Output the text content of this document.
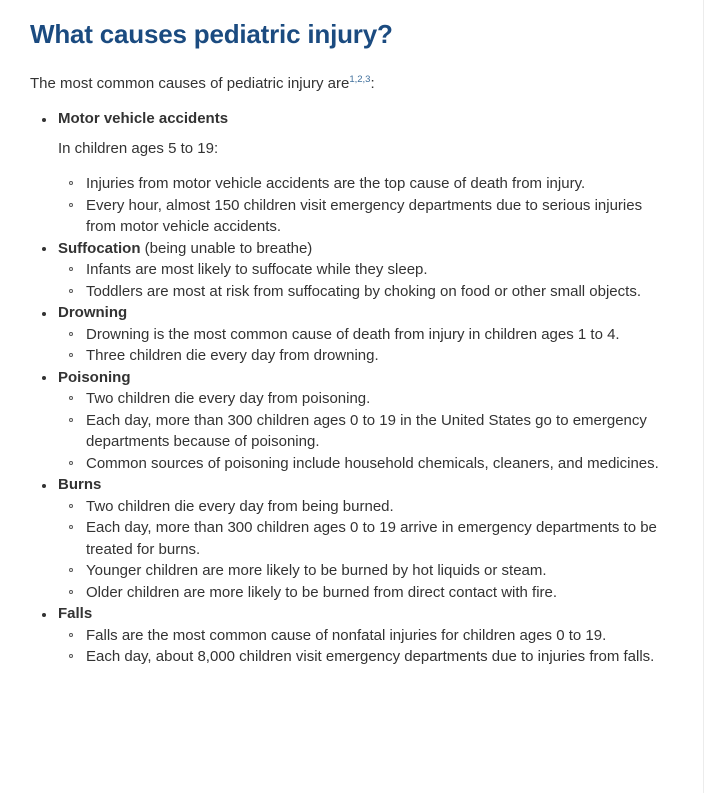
What causes pediatric injury?

The most common causes of pediatric injury are$^{1,2,3}$:

Motor vehicle accidents
In children ages 5 to 19:
Injuries from motor vehicle accidents are the top cause of death from injury.
Every hour, almost 150 children visit emergency departments due to serious injuries from motor vehicle accidents.
Suffocation (being unable to breathe)
Infants are most likely to suffocate while they sleep.
Toddlers are most at risk from suffocating by choking on food or other small objects.
Drowning
Drowning is the most common cause of death from injury in children ages 1 to 4.
Three children die every day from drowning.
Poisoning
Two children die every day from poisoning.
Each day, more than 300 children ages 0 to 19 in the United States go to emergency departments because of poisoning.
Common sources of poisoning include household chemicals, cleaners, and medicines.
Burns
Two children die every day from being burned.
Each day, more than 300 children ages 0 to 19 arrive in emergency departments to be treated for burns.
Younger children are more likely to be burned by hot liquids or steam.
Older children are more likely to be burned from direct contact with fire.
Falls
Falls are the most common cause of nonfatal injuries for children ages 0 to 19.
Each day, about 8,000 children visit emergency departments due to injuries from falls.
